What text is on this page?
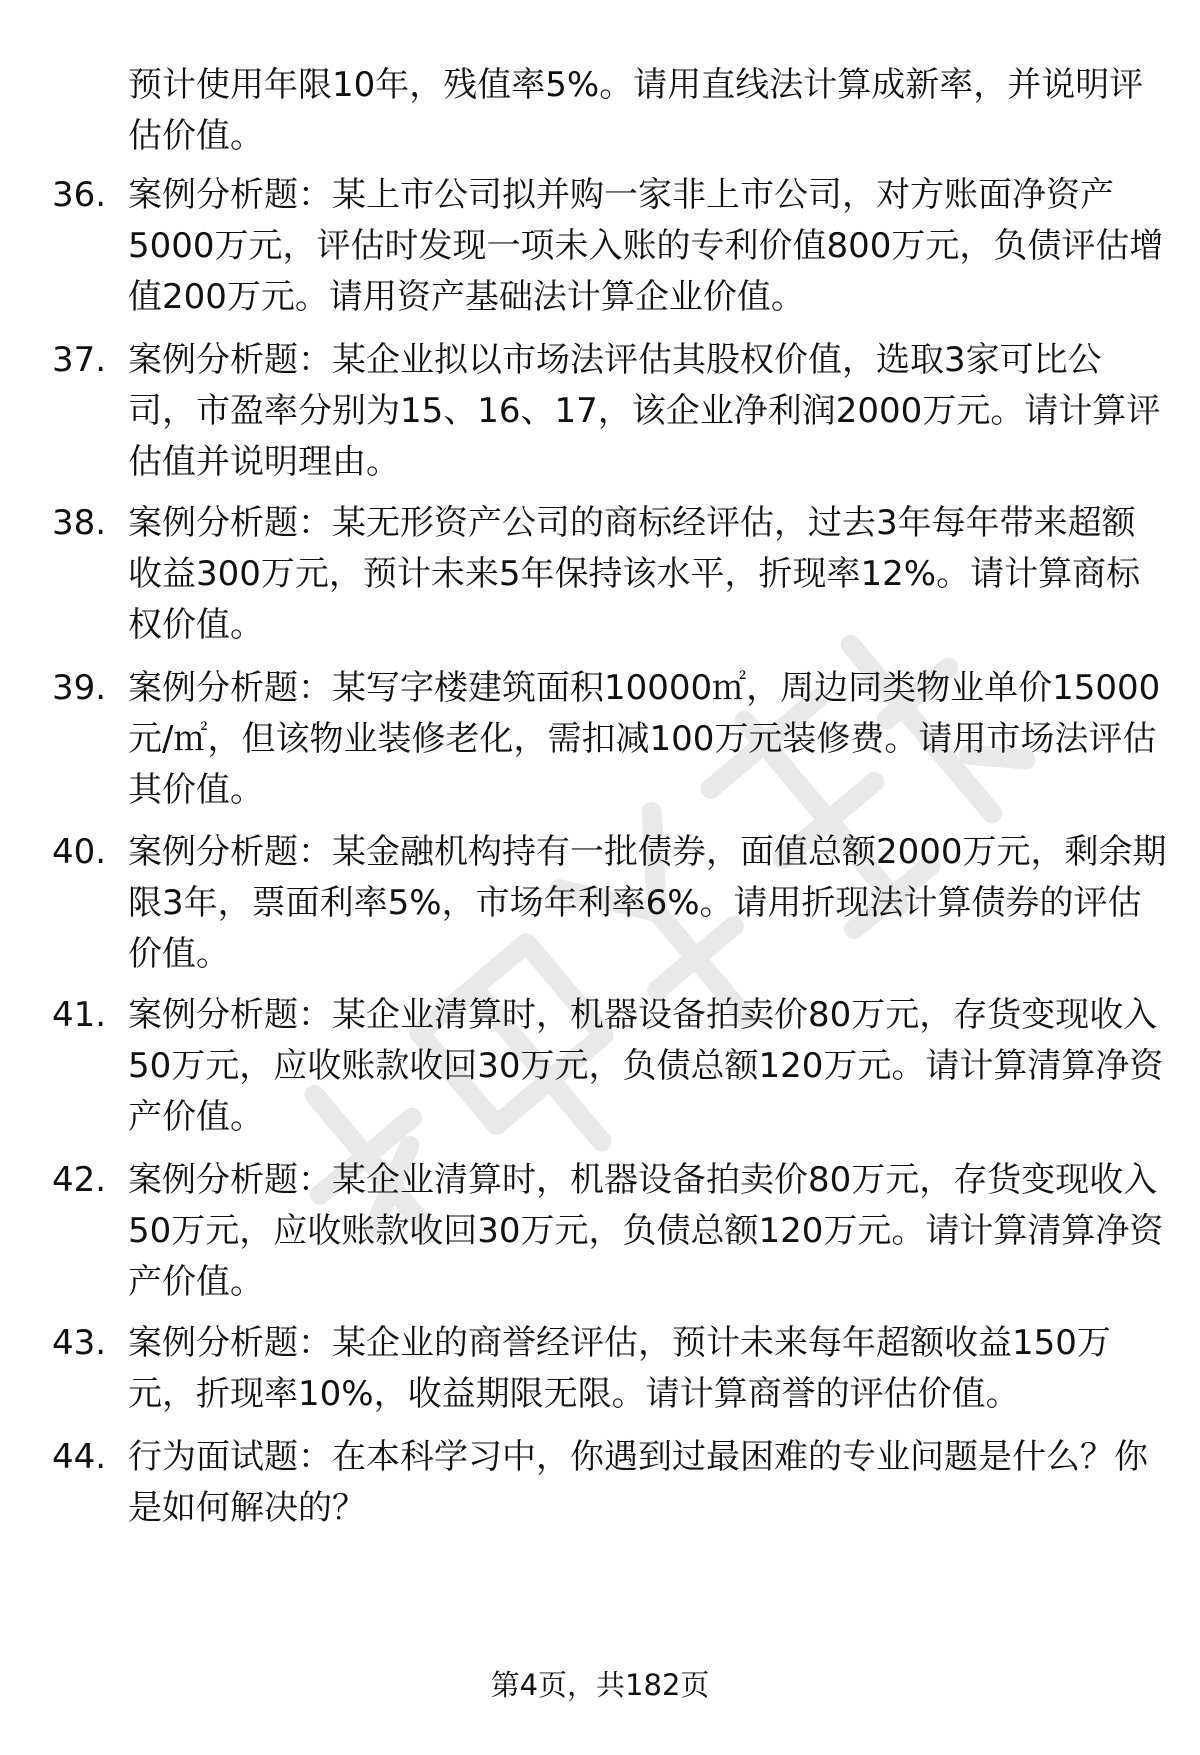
预计使用年限10年，残值率5%。请用直线法计算成新率，并说明评估价值。

36. 案例分析题：某上市公司拟并购一家非上市公司，对方账面净资产5000万元，评估时发现一项未入账的专利价值800万元，负债评估增值200万元。请用资产基础法计算企业价值。

37. 案例分析题：某企业拟以市场法评估其股权价值，选取3家可比公司，市盈率分别为15、16、17，该企业净利润2000万元。请计算评估值并说明理由。

38. 案例分析题：某无形资产公司的商标经评估，过去3年每年带来超额收益300万元，预计未来5年保持该水平，折现率12%。请计算商标权价值。

39. 案例分析题：某写字楼建筑面积10000㎡，周边同类物业单价15000元/㎡，但该物业装修老化，需扣减100万元装修费。请用市场法评估其价值。

40. 案例分析题：某金融机构持有一批债券，面值总额2000万元，剩余期限3年，票面利率5%，市场年利率6%。请用折现法计算债券的评估价值。

41. 案例分析题：某企业清算时，机器设备拍卖价80万元，存货变现收入50万元，应收账款收回30万元，负债总额120万元。请计算清算净资产价值。

42. 案例分析题：某企业清算时，机器设备拍卖价80万元，存货变现收入50万元，应收账款收回30万元，负债总额120万元。请计算清算净资产价值。

43. 案例分析题：某企业的商誉经评估，预计未来每年超额收益150万元，折现率10%，收益期限无限。请计算商誉的评估价值。

44. 行为面试题：在本科学习中，你遇到过最困难的专业问题是什么？你是如何解决的？

第4页，共182页
